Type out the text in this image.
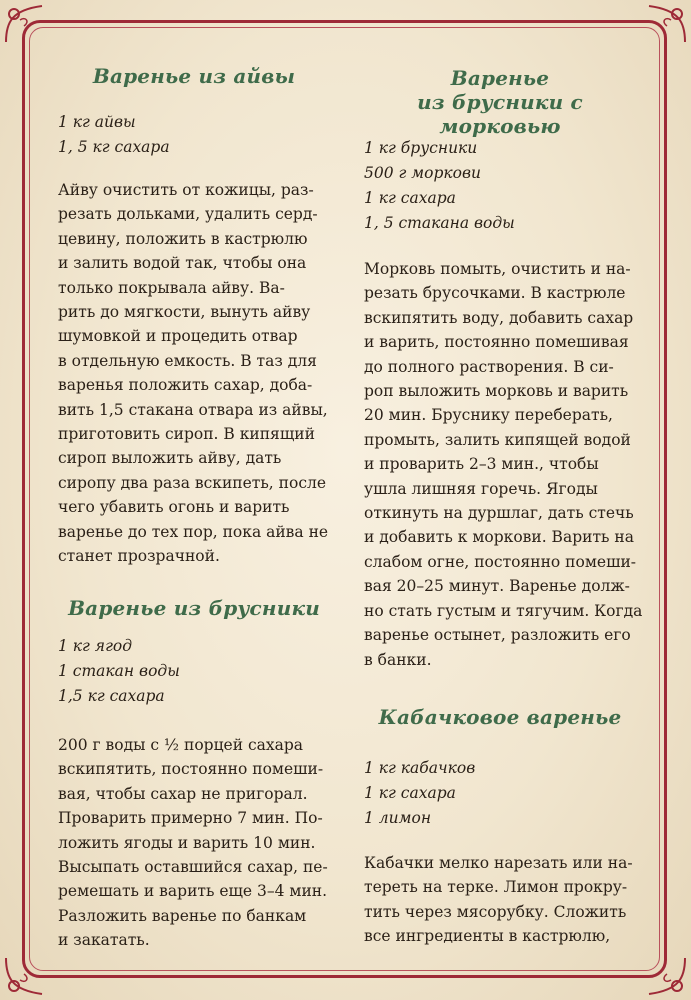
Варенье из айвы
1 кг айвы
1, 5 кг сахара
Айву очистить от кожицы, раз-
резать дольками, удалить серд-
цевину, положить в кастрюлю
и залить водой так, чтобы она
только покрывала айву. Ва-
рить до мягкости, вынуть айву
шумовкой и процедить отвар
в отдельную емкость. В таз для
варенья положить сахар, доба-
вить 1,5 стакана отвара из айвы,
приготовить сироп. В кипящий
сироп выложить айву, дать
сиропу два раза вскипеть, после
чего убавить огонь и варить
варенье до тех пор, пока айва не
станет прозрачной.
Варенье из брусники
1 кг ягод
1 стакан воды
1,5 кг сахара
200 г воды с ½ порцей сахара
вскипятить, постоянно помеши-
вая, чтобы сахар не пригорал.
Проварить примерно 7 мин. По-
ложить ягоды и варить 10 мин.
Высыпать оставшийся сахар, пе-
ремешать и варить еще 3–4 мин.
Разложить варенье по банкам
и закатать.
Варенье
из брусники с морковью
1 кг брусники
500 г моркови
1 кг сахара
1, 5 стакана воды
Морковь помыть, очистить и на-
резать брусочками. В кастрюле
вскипятить воду, добавить сахар
и варить, постоянно помешивая
до полного растворения. В си-
роп выложить морковь и варить
20 мин. Бруснику переберать,
промыть, залить кипящей водой
и проварить 2–3 мин., чтобы
ушла лишняя горечь. Ягоды
откинуть на дуршлаг, дать стечь
и добавить к моркови. Варить на
слабом огне, постоянно помеши-
вая 20–25 минут. Варенье долж-
но стать густым и тягучим. Когда
варенье остынет, разложить его
в банки.
Кабачковое варенье
1 кг кабачков
1 кг сахара
1 лимон
Кабачки мелко нарезать или на-
тереть на терке. Лимон прокру-
тить через мясорубку. Сложить
все ингредиенты в кастрюлю,
